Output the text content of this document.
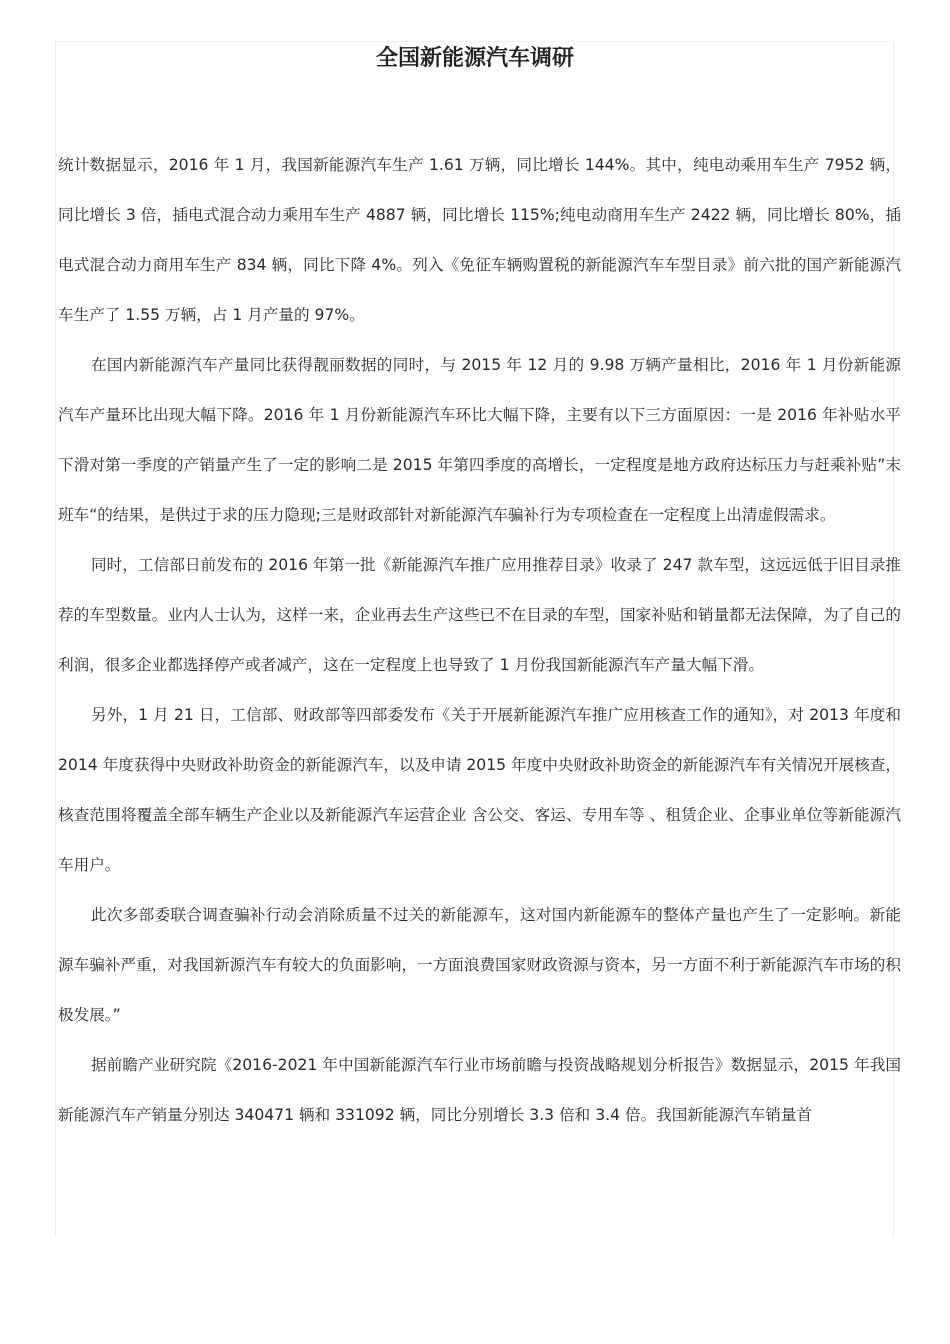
全国新能源汽车调研

统计数据显示，2016 年 1 月，我国新能源汽车生产 1.61 万辆，同比增长 144%。其中，纯电动乘用车生产 7952 辆，同比增长 3 倍，插电式混合动力乘用车生产 4887 辆，同比增长 115%;纯电动商用车生产 2422 辆，同比增长 80%，插电式混合动力商用车生产 834 辆，同比下降 4%。列入《免征车辆购置税的新能源汽车车型目录》前六批的国产新能源汽车生产了 1.55 万辆，占 1 月产量的 97%。

在国内新能源汽车产量同比获得靓丽数据的同时，与 2015 年 12 月的 9.98 万辆产量相比，2016 年 1 月份新能源汽车产量环比出现大幅下降。2016 年 1 月份新能源汽车环比大幅下降，主要有以下三方面原因：一是 2016 年补贴水平下滑对第一季度的产销量产生了一定的影响二是 2015 年第四季度的高增长，一定程度是地方政府达标压力与赶乘补贴”末班车“的结果，是供过于求的压力隐现;三是财政部针对新能源汽车骗补行为专项检查在一定程度上出清虚假需求。

同时，工信部日前发布的 2016 年第一批《新能源汽车推广应用推荐目录》收录了 247 款车型，这远远低于旧目录推荐的车型数量。业内人士认为，这样一来，企业再去生产这些已不在目录的车型，国家补贴和销量都无法保障，为了自己的利润，很多企业都选择停产或者减产，这在一定程度上也导致了 1 月份我国新能源汽车产量大幅下滑。

另外，1 月 21 日，工信部、财政部等四部委发布《关于开展新能源汽车推广应用核查工作的通知》，对 2013 年度和 2014 年度获得中央财政补助资金的新能源汽车，以及申请 2015 年度中央财政补助资金的新能源汽车有关情况开展核查，核查范围将覆盖全部车辆生产企业以及新能源汽车运营企业 含公交、客运、专用车等 、租赁企业、企事业单位等新能源汽车用户。

此次多部委联合调查骗补行动会消除质量不过关的新能源车，这对国内新能源车的整体产量也产生了一定影响。新能源车骗补严重，对我国新源汽车有较大的负面影响，一方面浪费国家财政资源与资本，另一方面不利于新能源汽车市场的积极发展。”

据前瞻产业研究院《2016-2021 年中国新能源汽车行业市场前瞻与投资战略规划分析报告》数据显示，2015 年我国新能源汽车产销量分别达 340471 辆和 331092 辆，同比分别增长 3.3 倍和 3.4 倍。我国新能源汽车销量首
